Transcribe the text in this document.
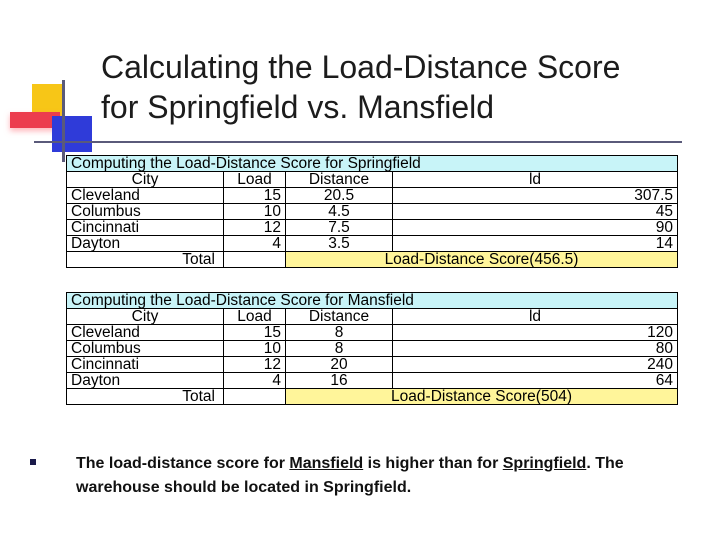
Calculating the Load-Distance Score
for Springfield vs. Mansfield
Computing the Load-Distance Score for Springfield			
City	Load	Distance	ld
Cleveland	15	20.5	307.5
Columbus	10	4.5	45
Cincinnati	12	7.5	90
Dayton	4	3.5	14
Total		Load-Distance Score(456.5)	
Computing the Load-Distance Score for Mansfield			
City	Load	Distance	ld
Cleveland	15	8	120
Columbus	10	8	80
Cincinnati	12	20	240
Dayton	4	16	64
Total		Load-Distance Score(504)	
The load-distance score for Mansfield is higher than for Springfield. The warehouse should be located in Springfield.
